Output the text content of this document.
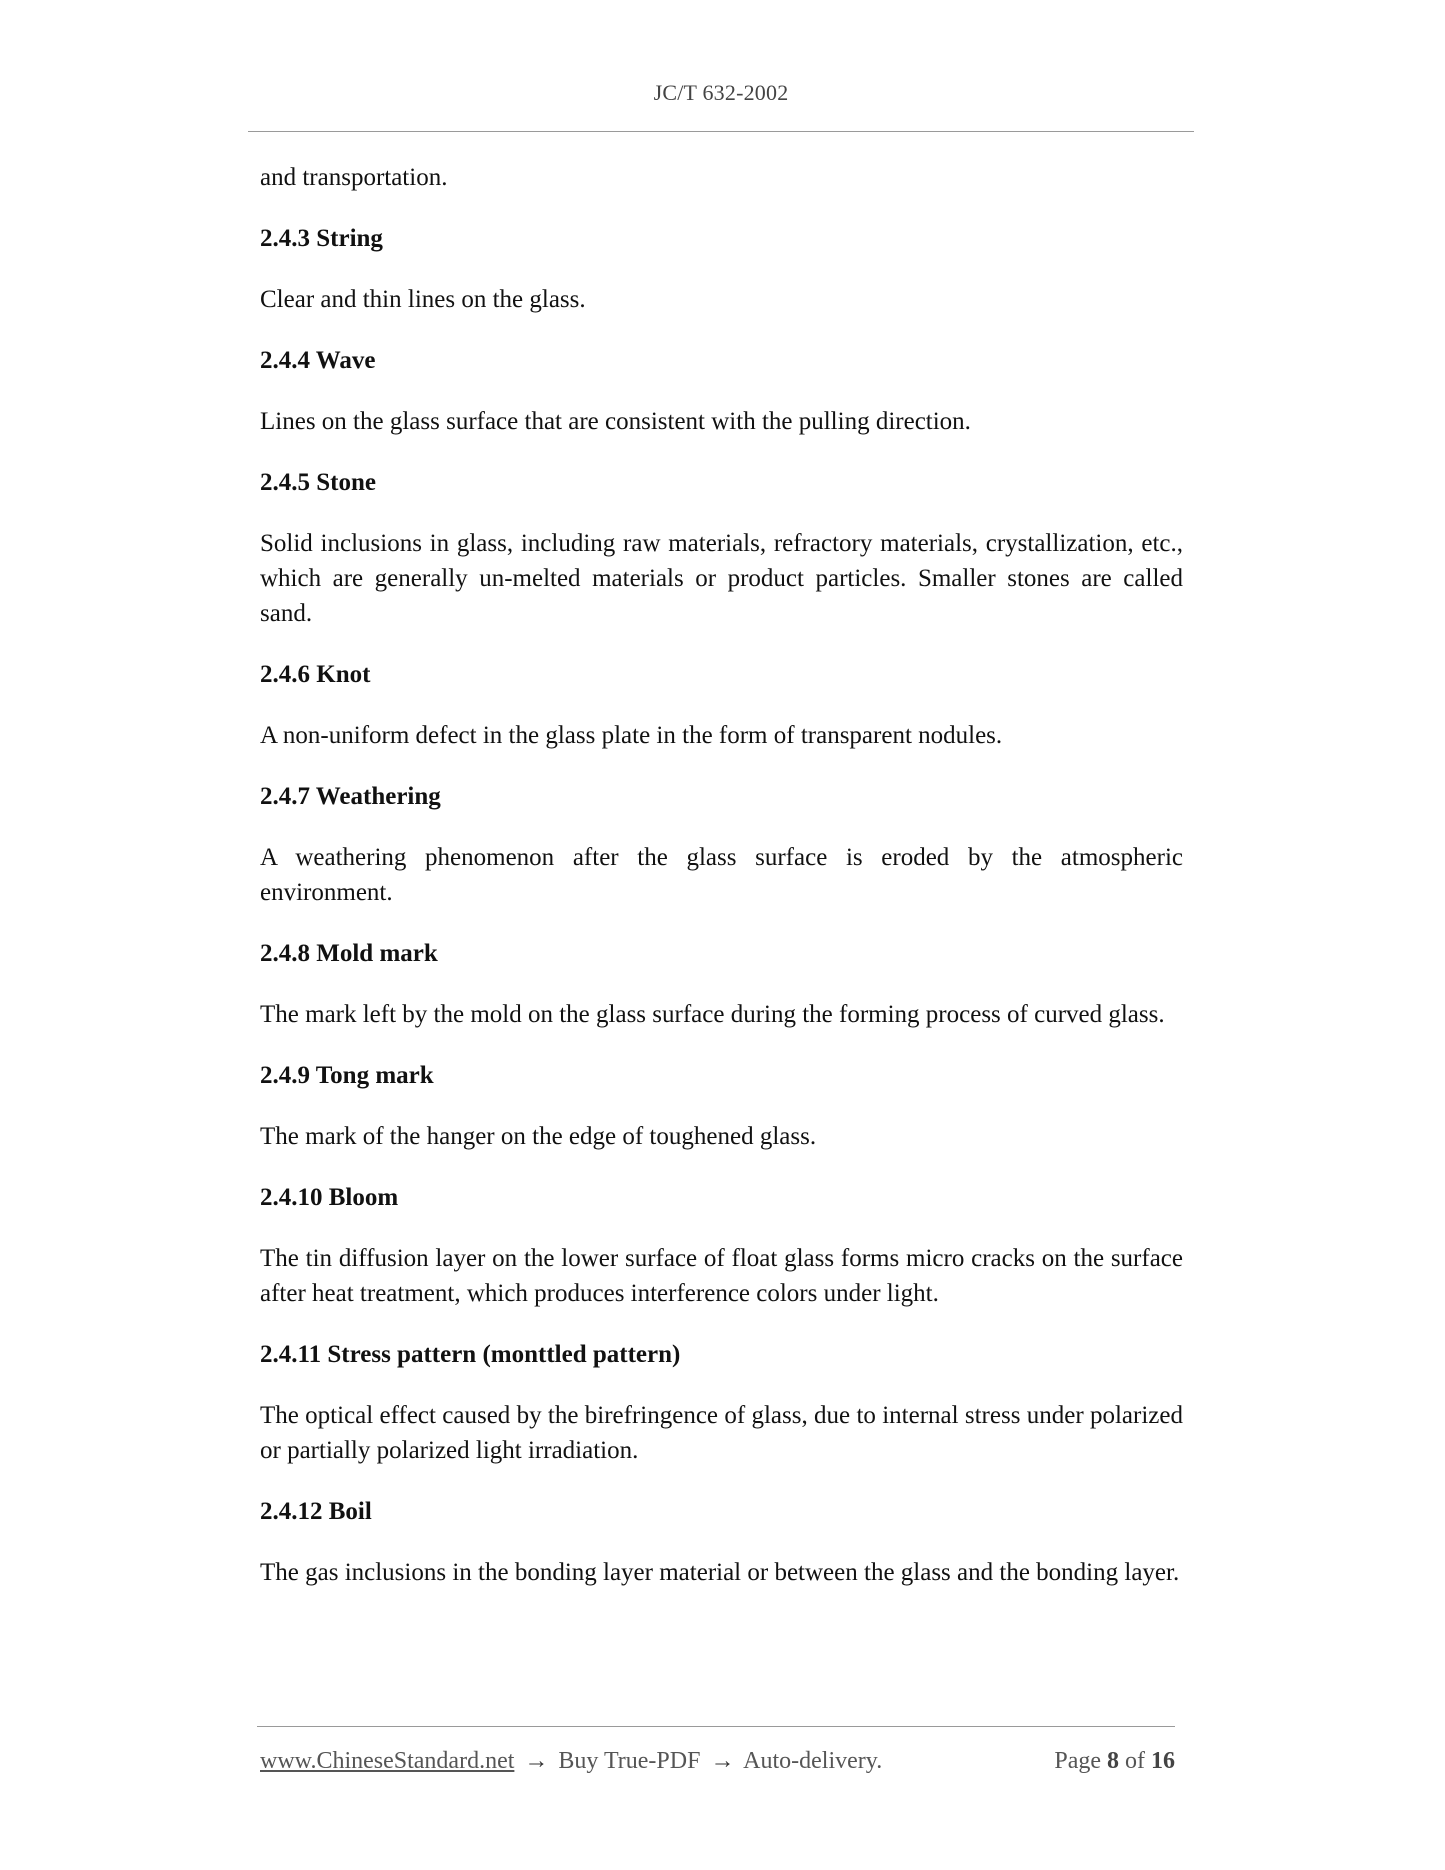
JC/T 632-2002
and transportation.
2.4.3 String
Clear and thin lines on the glass.
2.4.4 Wave
Lines on the glass surface that are consistent with the pulling direction.
2.4.5 Stone
Solid inclusions in glass, including raw materials, refractory materials, crystallization, etc., which are generally un-melted materials or product particles. Smaller stones are called sand.
2.4.6 Knot
A non-uniform defect in the glass plate in the form of transparent nodules.
2.4.7 Weathering
A weathering phenomenon after the glass surface is eroded by the atmospheric environment.
2.4.8 Mold mark
The mark left by the mold on the glass surface during the forming process of curved glass.
2.4.9 Tong mark
The mark of the hanger on the edge of toughened glass.
2.4.10 Bloom
The tin diffusion layer on the lower surface of float glass forms micro cracks on the surface after heat treatment, which produces interference colors under light.
2.4.11 Stress pattern (monttled pattern)
The optical effect caused by the birefringence of glass, due to internal stress under polarized or partially polarized light irradiation.
2.4.12 Boil
The gas inclusions in the bonding layer material or between the glass and the bonding layer.
www.ChineseStandard.net → Buy True-PDF → Auto-delivery.	Page 8 of 16
